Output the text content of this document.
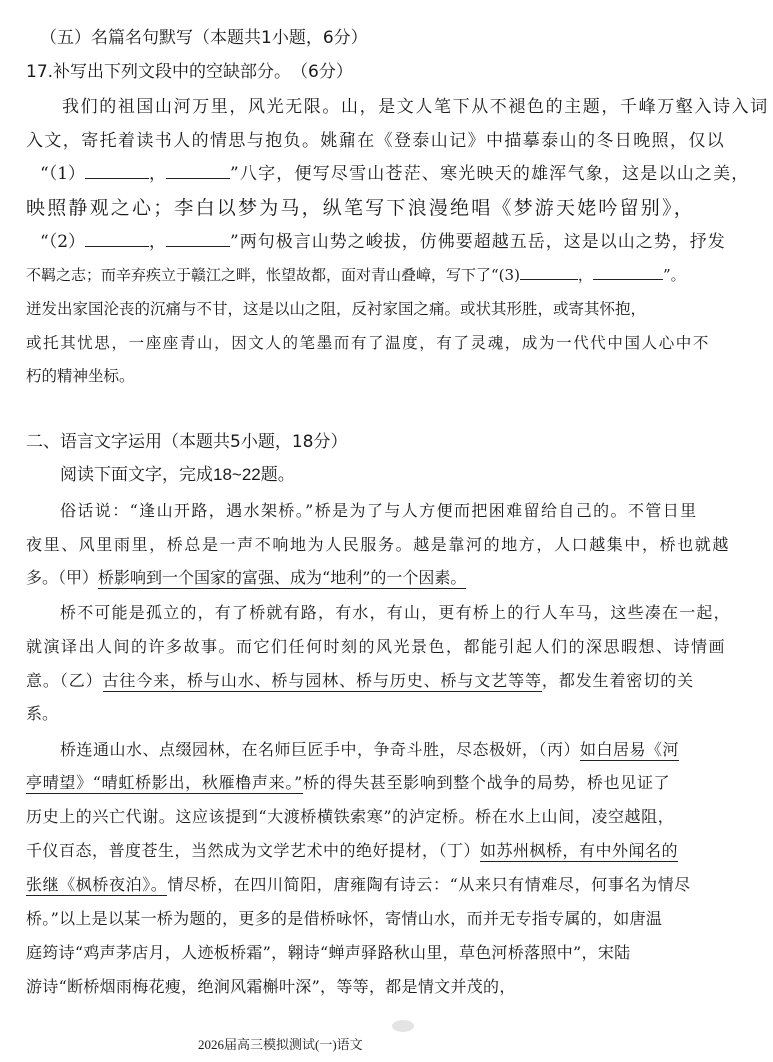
（五）名篇名句默写（本题共1小题，6分）
17.补写出下列文段中的空缺部分。　（6分）
我们的祖国山河万里，风光无限。山，是文人笔下从不褪色的主题，千峰万壑入诗入词
入文，寄托着读书人的情思与抱负。姚鼐在《登泰山记》中描摹泰山的冬日晚照，仅以
“（1）	，	”八字，便写尽雪山苍茫、寒光映天的雄浑气象，这是以山之美，
映照静观之心；李白以梦为马，纵笔写下浪漫绝唱《梦游天姥吟留别》，
“（2）	，	”两句极言山势之峻拔，仿佛要超越五岳，这是以山之势，抒发
不羁之志；而辛弃疾立于赣江之畔，怅望故都，面对青山叠嶂，写下了“(3)	，	”。
迸发出家国沦丧的沉痛与不甘，这是以山之阻，反衬家国之痛。或状其形胜，或寄其怀抱，
或托其忧思，一座座青山，因文人的笔墨而有了温度，有了灵魂，成为一代代中国人心中不
朽的精神坐标。
二、语言文字运用（本题共5小题，18分）
阅读下面文字，完成18~22题。
俗话说：“逢山开路，遇水架桥。”桥是为了与人方便而把困难留给自己的。不管日里
夜里、风里雨里，桥总是一声不响地为人民服务。越是靠河的地方，人口越集中，桥也就越
多。（甲）桥影响到一个国家的富强、成为“地利”的一个因素。
桥不可能是孤立的，有了桥就有路，有水，有山，更有桥上的行人车马，这些凑在一起，
就演译出人间的许多故事。而它们任何时刻的风光景色，都能引起人们的深思暇想、诗情画
意。（乙）古往今来，桥与山水、桥与园林、桥与历史、桥与文艺等等，都发生着密切的关
系。
桥连通山水、点缀园林，在名师巨匠手中，争奇斗胜，尽态极妍，（丙）如白居易《河
亭晴望》“晴虹桥影出，秋雁橹声来。”桥的得失甚至影响到整个战争的局势，桥也见证了
历史上的兴亡代谢。这应该提到“大渡桥横铁索寒”的泸定桥。桥在水上山间，凌空越阻，
千仪百态，普度苍生，当然成为文学艺术中的绝好提材，（丁）如苏州枫桥，有中外闻名的
张继《枫桥夜泊》。情尽桥，在四川简阳，唐雍陶有诗云：“从来只有情难尽，何事名为情尽
桥。”以上是以某一桥为题的，更多的是借桥咏怀，寄情山水，而并无专指专属的，如唐温
庭筠诗“鸡声茅店月，人迹板桥霜”，翱诗“蝉声驿路秋山里，草色河桥落照中”，宋陆
游诗“断桥烟雨梅花瘦，绝涧风霜槲叶深”，等等，都是情文并茂的，
2026届高三模拟测试(一)语文
